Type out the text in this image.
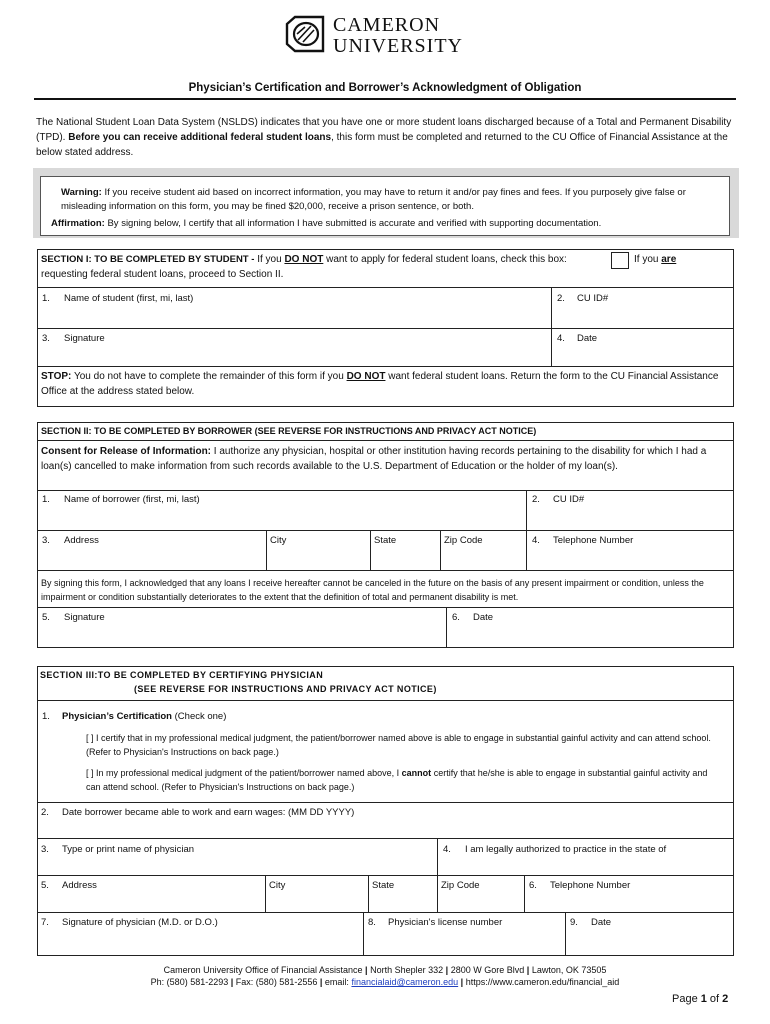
CAMERON
UNIVERSITY
Physician’s Certification and Borrower’s Acknowledgment of Obligation
The National Student Loan Data System (NSLDS) indicates that you have one or more student loans discharged because of a Total and Permanent Disability (TPD). Before you can receive additional federal student loans, this form must be completed and returned to the CU Office of Financial Assistance at the below stated address.
Warning: If you receive student aid based on incorrect information, you may have to return it and/or pay fines and fees. If you purposely give false or misleading information on this form, you may be fined $20,000, receive a prison sentence, or both.
Affirmation: By signing below, I certify that all information I have submitted is accurate and verified with supporting documentation.
SECTION I: TO BE COMPLETED BY STUDENT - If you DO NOT want to apply for federal student loans, check this box:	If you are
requesting federal student loans, proceed to Section II.
1. Name of student (first, mi, last)	2. CU ID#
3. Signature	4. Date
STOP: You do not have to complete the remainder of this form if you DO NOT want federal student loans. Return the form to the CU Financial Assistance Office at the address stated below.
SECTION II: TO BE COMPLETED BY BORROWER (SEE REVERSE FOR INSTRUCTIONS AND PRIVACY ACT NOTICE)
Consent for Release of Information: I authorize any physician, hospital or other institution having records pertaining to the disability for which I had a loan(s) cancelled to make information from such records available to the U.S. Department of Education or the holder of my loan(s).
1. Name of borrower (first, mi, last)	2. CU ID#
3. Address	City	State	Zip Code	4. Telephone Number
By signing this form, I acknowledged that any loans I receive hereafter cannot be canceled in the future on the basis of any present impairment or condition, unless the impairment or condition substantially deteriorates to the extent that the definition of total and permanent disability is met.
5. Signature	6. Date
SECTION III:TO BE COMPLETED BY CERTIFYING PHYSICIAN
(SEE REVERSE FOR INSTRUCTIONS AND PRIVACY ACT NOTICE)
1. Physician’s Certification (Check one)
[ ] I certify that in my professional medical judgment, the patient/borrower named above is able to engage in substantial gainful activity and can attend school. (Refer to Physician's Instructions on back page.)
[ ] In my professional medical judgment of the patient/borrower named above, I cannot certify that he/she is able to engage in substantial gainful activity and can attend school. (Refer to Physician's Instructions on back page.)
2. Date borrower became able to work and earn wages: (MM DD YYYY)
3. Type or print name of physician	4. I am legally authorized to practice in the state of
5. Address	City	State	Zip Code	6. Telephone Number
7. Signature of physician (M.D. or D.O.)	8. Physician's license number	9. Date
Cameron University Office of Financial Assistance | North Shepler 332 | 2800 W Gore Blvd | Lawton, OK 73505
Ph: (580) 581-2293 | Fax: (580) 581-2556 | email: financialaid@cameron.edu | https://www.cameron.edu/financial_aid
Page 1 of 2
